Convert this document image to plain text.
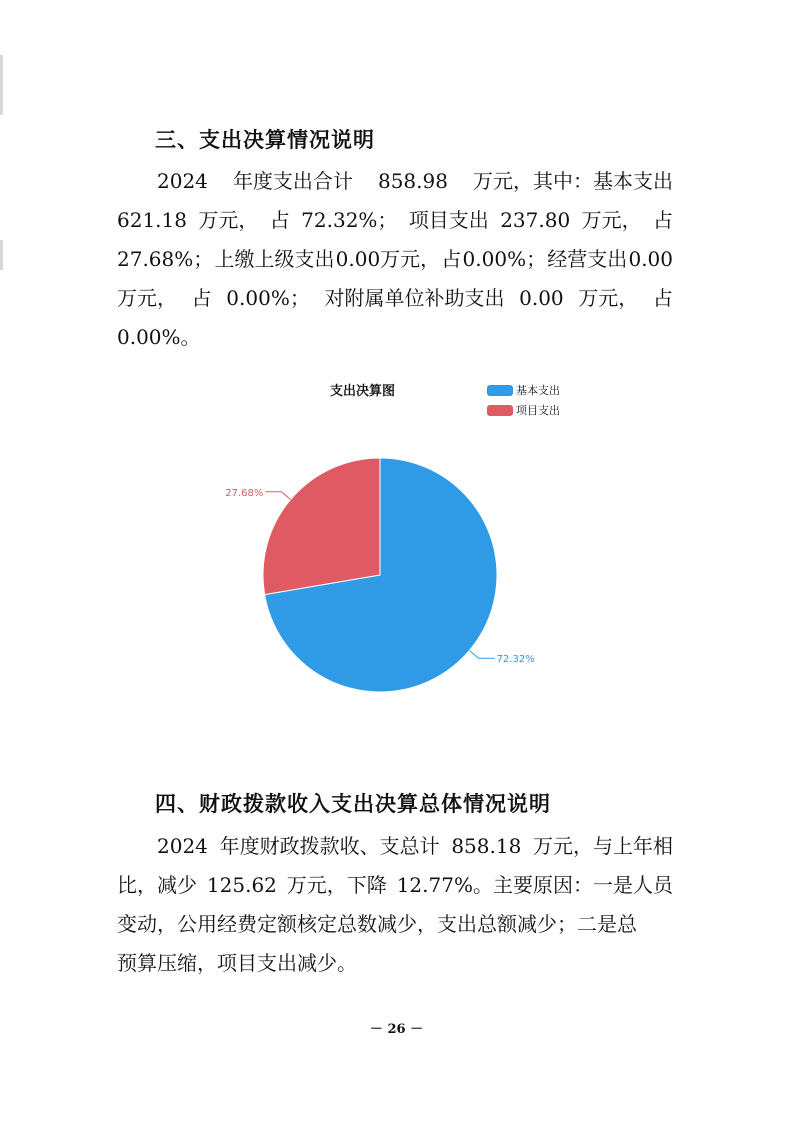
三、支出决算情况说明
2024 年度支出合计 858.98 万元，其中：基本支出
621.18 万元， 占 72.32%； 项目支出 237.80 万元， 占
27.68%； 上缴上级支出 0.00万元， 占 0.00%； 经营支出 0.00
万元， 占 0.00%； 对附属单位补助支出 0.00 万元， 占
0.00%。
支出决算图	基本支出
项目支出
72.32%
27.68%
四、财政拨款收入支出决算总体情况说明
2024 年度财政拨款收、支总计 858.18 万元，与上年相
比，减少 125.62 万元，下降 12.77%。主要原因：一是人员
变动，公用经费定额核定总数减少，支出总额减少；二是总
预算压缩，项目支出减少。
－ 26 －
